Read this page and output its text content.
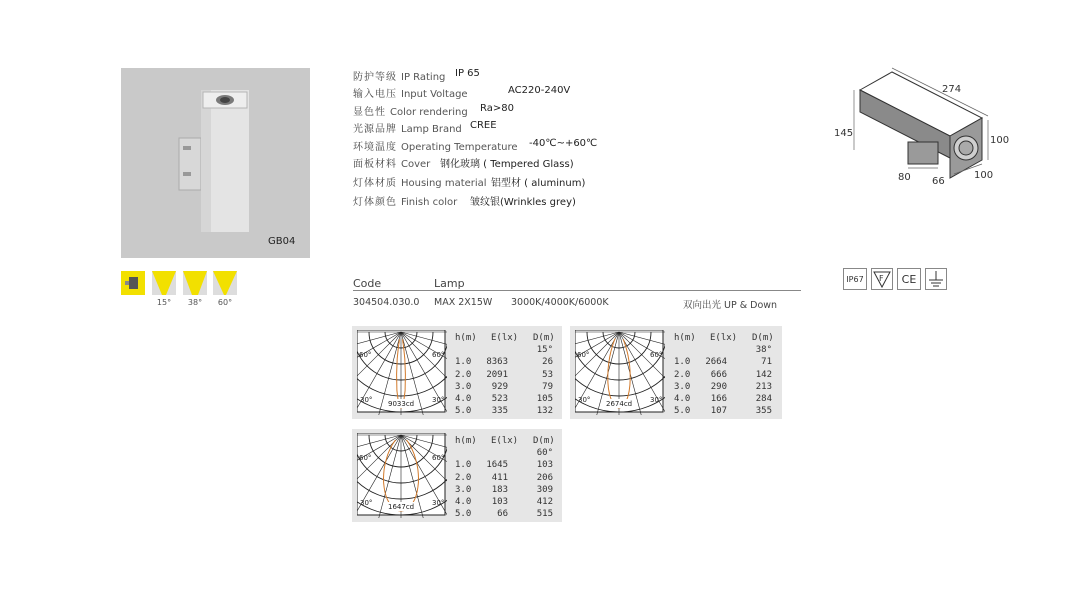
GB04
15°	38°	60°
防护等级 IP Rating IP 65
输入电压 Input Voltage	AC220-240V
显色性 Color rendering Ra>80
光源品牌 Lamp Brand CREE
环境温度 Operating Temperature -40℃~+60℃
面板材料 Cover 钢化玻璃 ( Tempered Glass)
灯体材质 Housing material 铝型材 ( aluminum)
灯体颜色 Finish color 皱纹银(Wrinkles grey)
274
145
100
80 66
100
IP67	F	CE
Code	Lamp
304504.030.0 MAX 2X15W 3000K/4000K/6000K	双向出光 UP & Down
60°	60°
30°	30°
9033cd
h(m) E(lx) D(m)
15°
1.0 8363	26
2.0 2091	53
3.0 929	79
4.0 523	105
5.0 335	132
60°	60°
30°	30°
2674cd
h(m) E(lx) D(m)
38°
1.0 2664	71
2.0 666	142
3.0 290	213
4.0 166	284
5.0 107	355
60°	60°
30°	30°
1647cd
h(m) E(lx) D(m)
60°
1.0 1645	103
2.0 411	206
3.0 183	309
4.0 103	412
5.0	66	515
